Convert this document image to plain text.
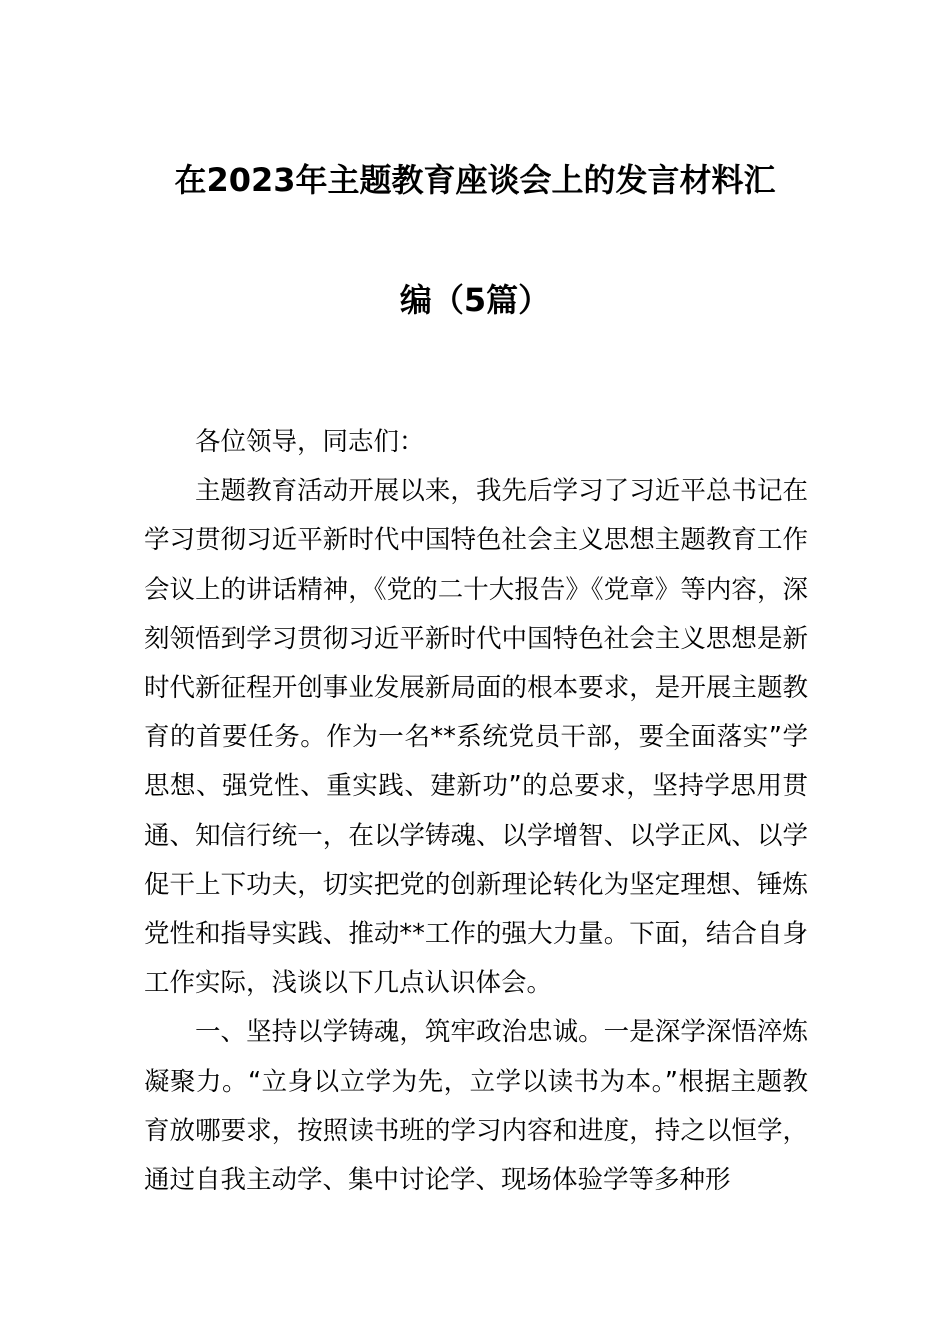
在2023年主题教育座谈会上的发言材料汇
编（5篇）

各位领导，同志们：

主题教育活动开展以来，我先后学习了习近平总书记在学习贯彻习近平新时代中国特色社会主义思想主题教育工作会议上的讲话精神，《党的二十大报告》《党章》等内容，深刻领悟到学习贯彻习近平新时代中国特色社会主义思想是新时代新征程开创事业发展新局面的根本要求，是开展主题教育的首要任务。作为一名**系统党员干部，要全面落实”学思想、强党性、重实践、建新功”的总要求，坚持学思用贯通、知信行统一，在以学铸魂、以学增智、以学正风、以学促干上下功夫，切实把党的创新理论转化为坚定理想、锤炼党性和指导实践、推动**工作的强大力量。下面，结合自身工作实际，浅谈以下几点认识体会。

一、坚持以学铸魂，筑牢政治忠诚。一是深学深悟淬炼凝聚力。“立身以立学为先，立学以读书为本。”根据主题教育放哪要求，按照读书班的学习内容和进度，持之以恒学，通过自我主动学、集中讨论学、现场体验学等多种形
